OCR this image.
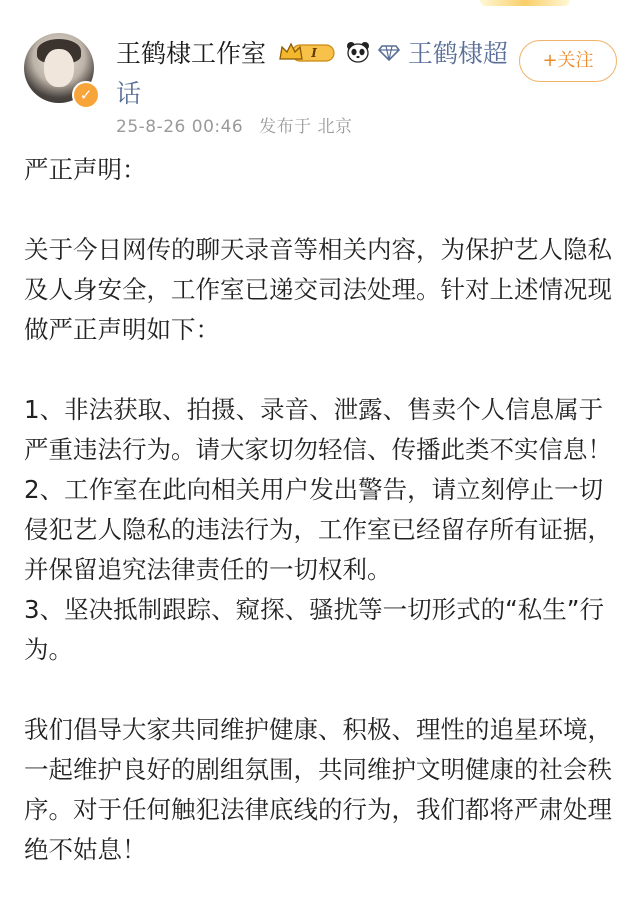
✓
王鹤棣工作室	I	王鹤棣超话
25-8-26 00:46 发布于 北京
+关注

严正声明：

关于今日网传的聊天录音等相关内容，为保护艺人隐私及人身安全，工作室已递交司法处理。针对上述情况现做严正声明如下：

1、非法获取、拍摄、录音、泄露、售卖个人信息属于严重违法行为。请大家切勿轻信、传播此类不实信息！

2、工作室在此向相关用户发出警告，请立刻停止一切侵犯艺人隐私的违法行为，工作室已经留存所有证据，并保留追究法律责任的一切权利。

3、坚决抵制跟踪、窥探、骚扰等一切形式的“私生”行为。

我们倡导大家共同维护健康、积极、理性的追星环境，一起维护良好的剧组氛围，共同维护文明健康的社会秩序。对于任何触犯法律底线的行为，我们都将严肃处理绝不姑息！
